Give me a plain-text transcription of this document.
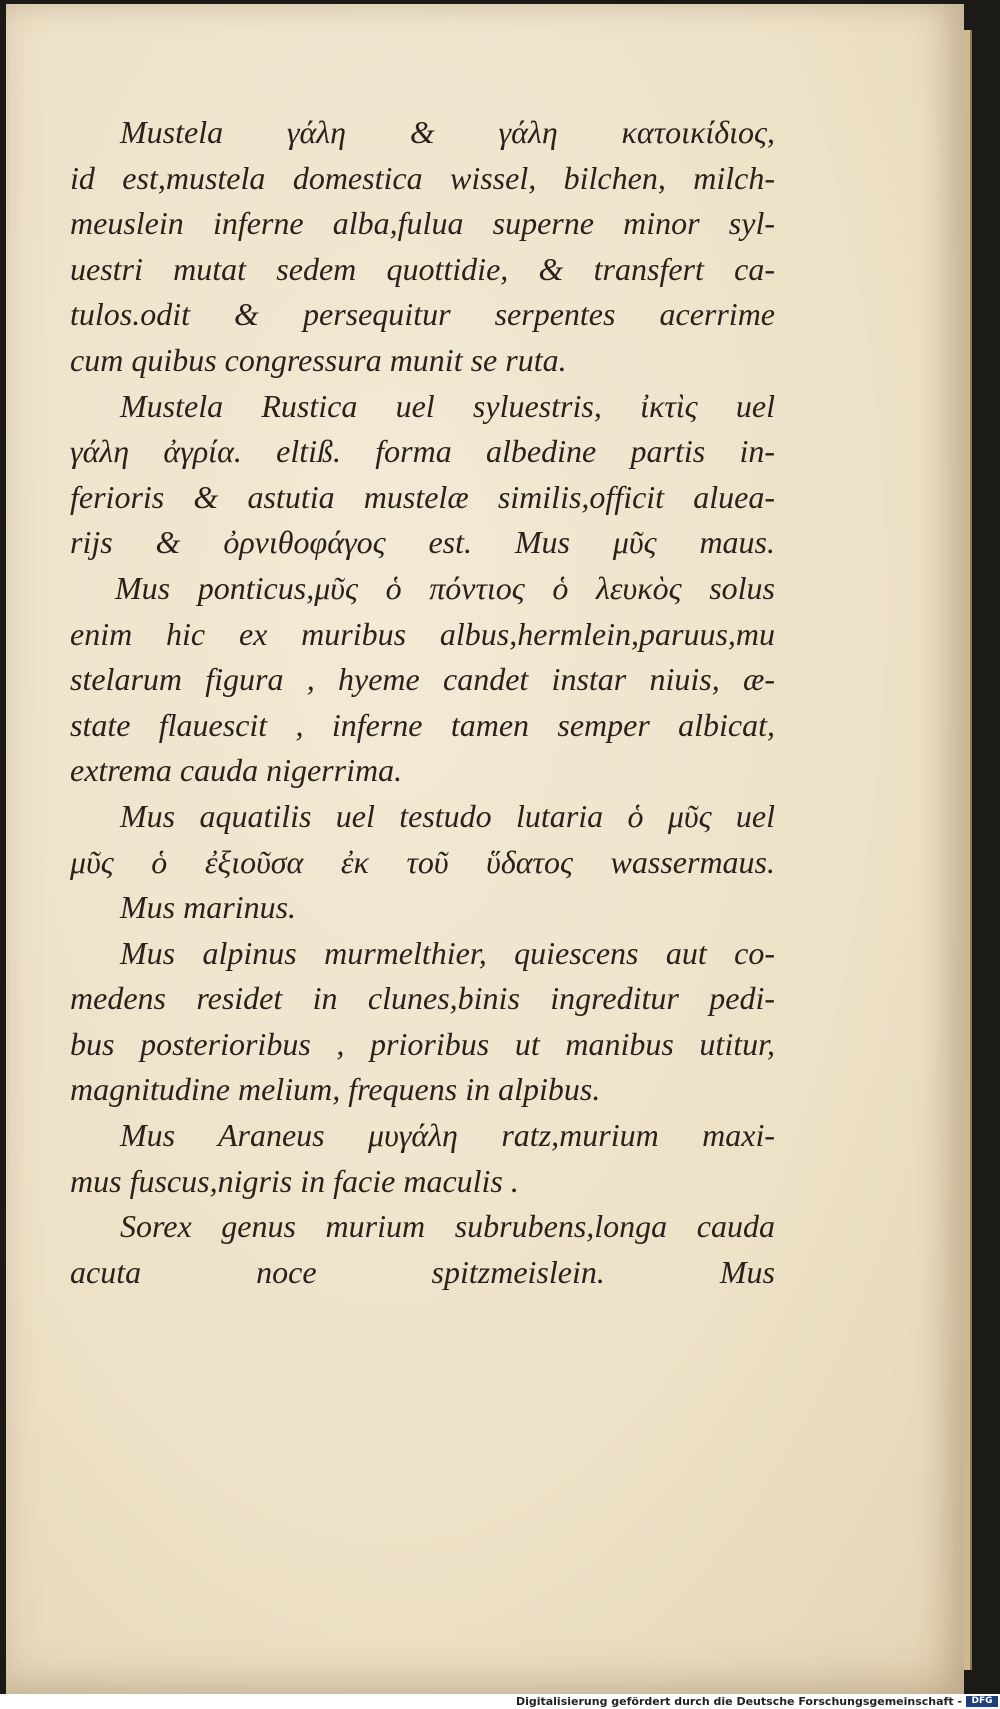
Mustela γάλη & γάλη κατοικίδιος,
id est,mustela domestica wissel, bilchen, milch-
meuslein inferne alba,fulua superne minor syl-
uestri mutat sedem quottidie, & transfert ca-
tulos.odit & persequitur serpentes acerrime
cum quibus congressura munit se ruta.
Mustela Rustica uel syluestris, ἰκτὶς uel
γάλη ἀγρία. eltiß. forma albedine partis in-
ferioris & astutia mustelæ similis,officit aluea-
rijs & ὀρνιθοφάγος est. Mus μῦς maus.
Mus ponticus,μῦς ὁ πόντιος ὁ λευκὸς solus
enim hic ex muribus albus,hermlein,paruus,mu
stelarum figura , hyeme candet instar niuis, æ-
state flauescit , inferne tamen semper albicat,
extrema cauda nigerrima.
Mus aquatilis uel testudo lutaria ὁ μῦς uel
μῦς ὁ ἐξιοῦσα ἐκ τοῦ ὕδατος wassermaus.
Mus marinus.
Mus alpinus murmelthier, quiescens aut co-
medens residet in clunes,binis ingreditur pedi-
bus posterioribus , prioribus ut manibus utitur,
magnitudine melium, frequens in alpibus.
Mus Araneus μυγάλη ratz,murium maxi-
mus fuscus,nigris in facie maculis .
Sorex genus murium subrubens,longa cauda
acuta noce spitzmeislein. Mus
Digitalisierung gefördert durch die Deutsche Forschungsgemeinschaft -	DFG
